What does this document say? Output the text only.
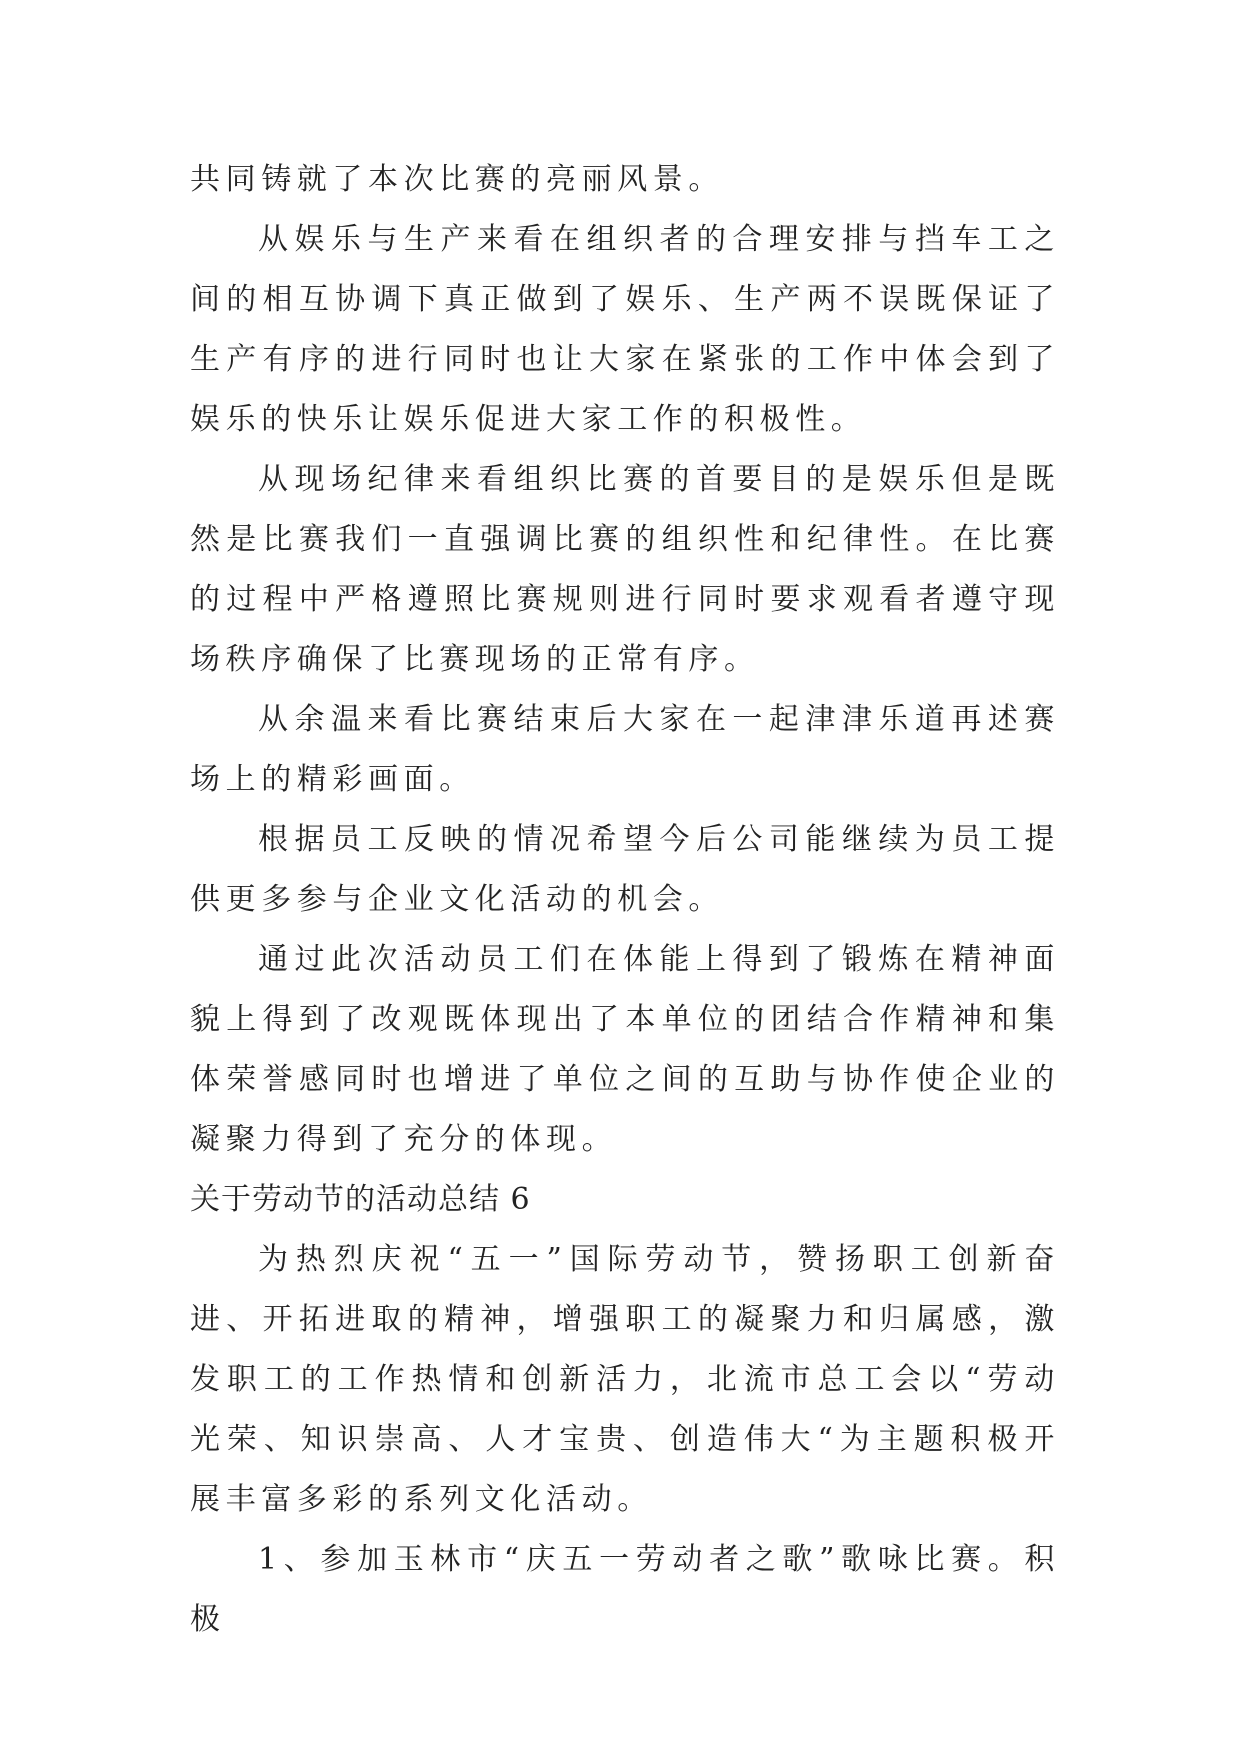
共同铸就了本次比赛的亮丽风景。

从娱乐与生产来看在组织者的合理安排与挡车工之间的相互协调下真正做到了娱乐、生产两不误既保证了生产有序的进行同时也让大家在紧张的工作中体会到了娱乐的快乐让娱乐促进大家工作的积极性。

从现场纪律来看组织比赛的首要目的是娱乐但是既然是比赛我们一直强调比赛的组织性和纪律性。在比赛的过程中严格遵照比赛规则进行同时要求观看者遵守现场秩序确保了比赛现场的正常有序。

从余温来看比赛结束后大家在一起津津乐道再述赛场上的精彩画面。

根据员工反映的情况希望今后公司能继续为员工提供更多参与企业文化活动的机会。

通过此次活动员工们在体能上得到了锻炼在精神面貌上得到了改观既体现出了本单位的团结合作精神和集体荣誉感同时也增进了单位之间的互助与协作使企业的凝聚力得到了充分的体现。

关于劳动节的活动总结 6

为热烈庆祝“五一”国际劳动节，赞扬职工创新奋进、开拓进取的精神，增强职工的凝聚力和归属感，激发职工的工作热情和创新活力，北流市总工会以“劳动光荣、知识崇高、人才宝贵、创造伟大“为主题积极开展丰富多彩的系列文化活动。

1、参加玉林市“庆五一劳动者之歌”歌咏比赛。积极
